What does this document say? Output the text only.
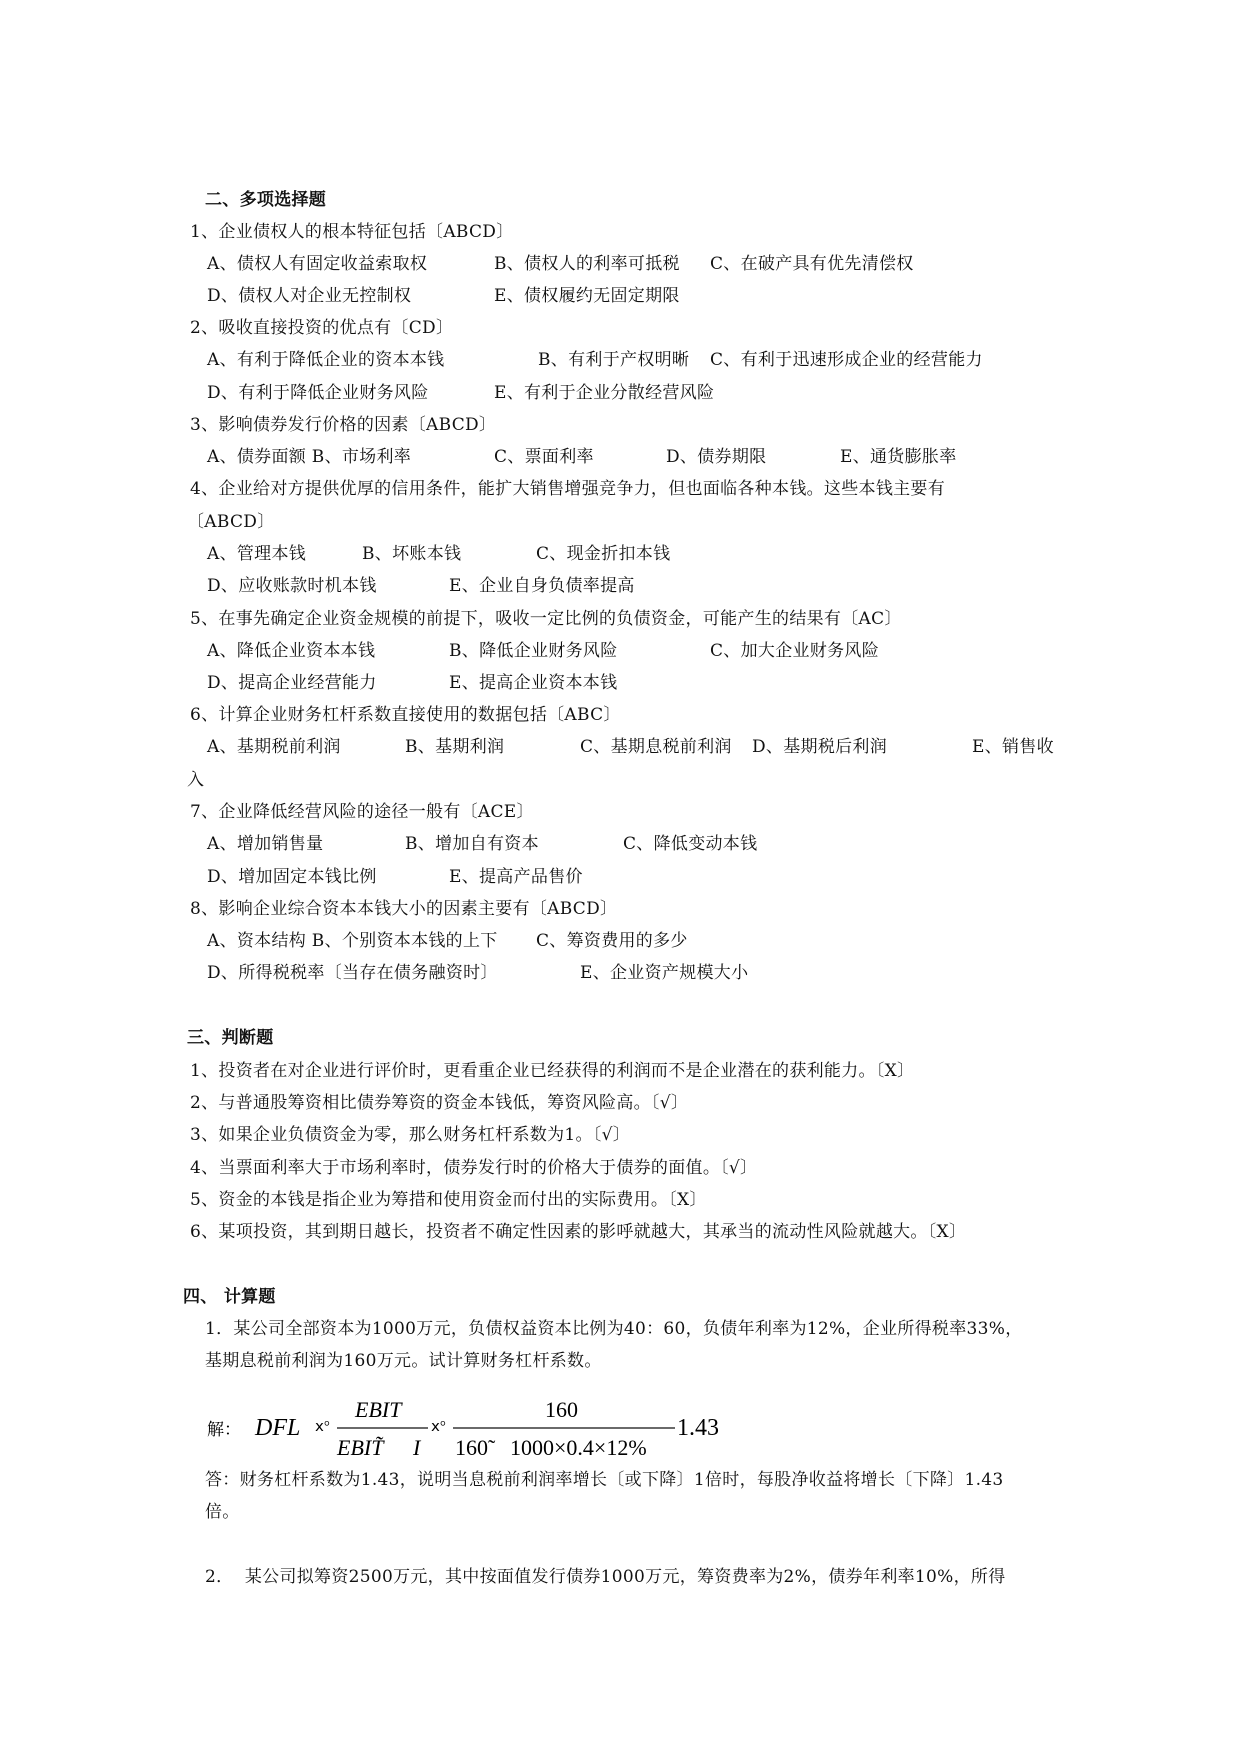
二、多项选择题
1、企业债权人的根本特征包括〔ABCD〕
A、债权人有固定收益索取权	B、债权人的利率可抵税 C、在破产具有优先清偿权
D、债权人对企业无控制权	E、债权履约无固定期限
2、吸收直接投资的优点有〔CD〕
A、有利于降低企业的资本本钱	B、有利于产权明晰 C、有利于迅速形成企业的经营能力
D、有利于降低企业财务风险	E、有利于企业分散经营风险
3、影响债券发行价格的因素〔ABCD〕
A、债券面额 B、市场利率	C、票面利率	D、债券期限	E、通货膨胀率
4、企业给对方提供优厚的信用条件，能扩大销售增强竞争力，但也面临各种本钱。这些本钱主要有
〔ABCD〕
A、管理本钱	B、坏账本钱	C、现金折扣本钱
D、应收账款时机本钱	E、企业自身负债率提高
5、在事先确定企业资金规模的前提下，吸收一定比例的负债资金，可能产生的结果有〔AC〕
A、降低企业资本本钱	B、降低企业财务风险	C、加大企业财务风险
D、提高企业经营能力	E、提高企业资本本钱
6、计算企业财务杠杆系数直接使用的数据包括〔ABC〕
A、基期税前利润	B、基期利润	C、基期息税前利润 D、基期税后利润	E、销售收
入
7、企业降低经营风险的途径一般有〔ACE〕
A、增加销售量	B、增加自有资本	C、降低变动本钱
D、增加固定本钱比例	E、提高产品售价
8、影响企业综合资本本钱大小的因素主要有〔ABCD〕
A、资本结构 B、个别资本本钱的上下 C、筹资费用的多少
D、所得税税率〔当存在债务融资时〕	E、企业资产规模大小
三、判断题
1、投资者在对企业进行评价时，更看重企业已经获得的利润而不是企业潜在的获利能力。〔X〕
2、与普通股筹资相比债券筹资的资金本钱低，筹资风险高。〔√〕
3、如果企业负债资金为零，那么财务杠杆系数为1。〔√〕
4、当票面利率大于市场利率时，债券发行时的价格大于债券的面值。〔√〕
5、资金的本钱是指企业为筹措和使用资金而付出的实际费用。〔X〕
6、某项投资，其到期日越长，投资者不确定性因素的影呼就越大，其承当的流动性风险就越大。〔X〕
四、 计算题
1．某公司全部资本为1000万元，负债权益资本比例为40：60，负债年利率为12%，企业所得税率33%，
基期息税前利润为160万元。试计算财务杠杆系数。
解： DFL ⅹ°
EBIT
EBIT̃ I
ⅹ°
160
160̃	1000×0.4×12%
1.43
答：财务杠杆系数为1.43，说明当息税前利润率增长〔或下降〕1倍时，每股净收益将增长〔下降〕1.43
倍。
2．  某公司拟筹资2500万元，其中按面值发行债券1000万元，筹资费率为2%，债券年利率10%，所得
